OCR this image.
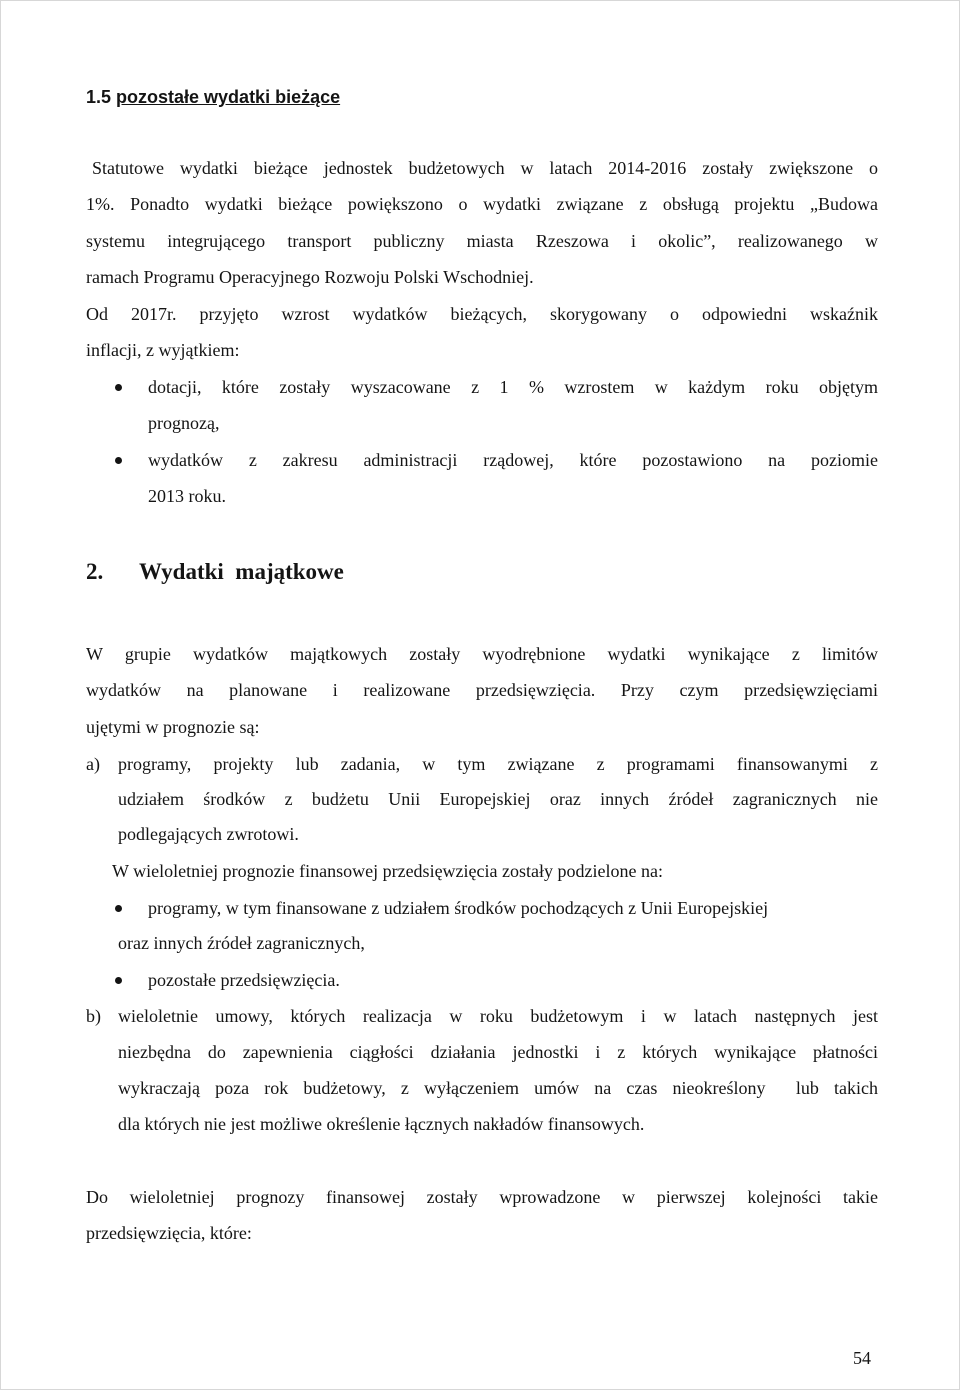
1.5 pozostałe wydatki bieżące
Statutowe wydatki bieżące jednostek budżetowych w latach 2014-2016 zostały zwiększone o
1%. Ponadto wydatki bieżące powiększono o wydatki związane z obsługą projektu „Budowa
systemu integrującego transport publiczny miasta Rzeszowa i okolic”, realizowanego w
ramach Programu Operacyjnego Rozwoju Polski Wschodniej.
Od 2017r. przyjęto wzrost wydatków bieżących, skorygowany o odpowiedni wskaźnik
inflacji, z wyjątkiem:
dotacji, które zostały wyszacowane z 1 % wzrostem w każdym roku objętym
prognozą,
wydatków z zakresu administracji rządowej, które pozostawiono na poziomie
2013 roku.
2. Wydatki  majątkowe
W grupie wydatków majątkowych zostały wyodrębnione wydatki wynikające z limitów
wydatków na planowane i realizowane przedsięwzięcia. Przy czym przedsięwzięciami
ujętymi w prognozie są:
a) programy, projekty lub zadania, w tym związane z programami finansowanymi z
udziałem środków z budżetu Unii Europejskiej oraz innych źródeł zagranicznych nie
podlegających zwrotowi.
W wieloletniej prognozie finansowej przedsięwzięcia zostały podzielone na:
programy, w tym finansowane z udziałem środków pochodzących z Unii Europejskiej
oraz innych źródeł zagranicznych,
pozostałe przedsięwzięcia.
b) wieloletnie umowy, których realizacja w roku budżetowym i w latach następnych jest
niezbędna do zapewnienia ciągłości działania jednostki i z których wynikające płatności
wykraczają poza rok budżetowy, z wyłączeniem umów na czas nieokreślony  lub takich
dla których nie jest możliwe określenie łącznych nakładów finansowych.
Do wieloletniej prognozy finansowej zostały wprowadzone w pierwszej kolejności takie
przedsięwzięcia, które:
54
